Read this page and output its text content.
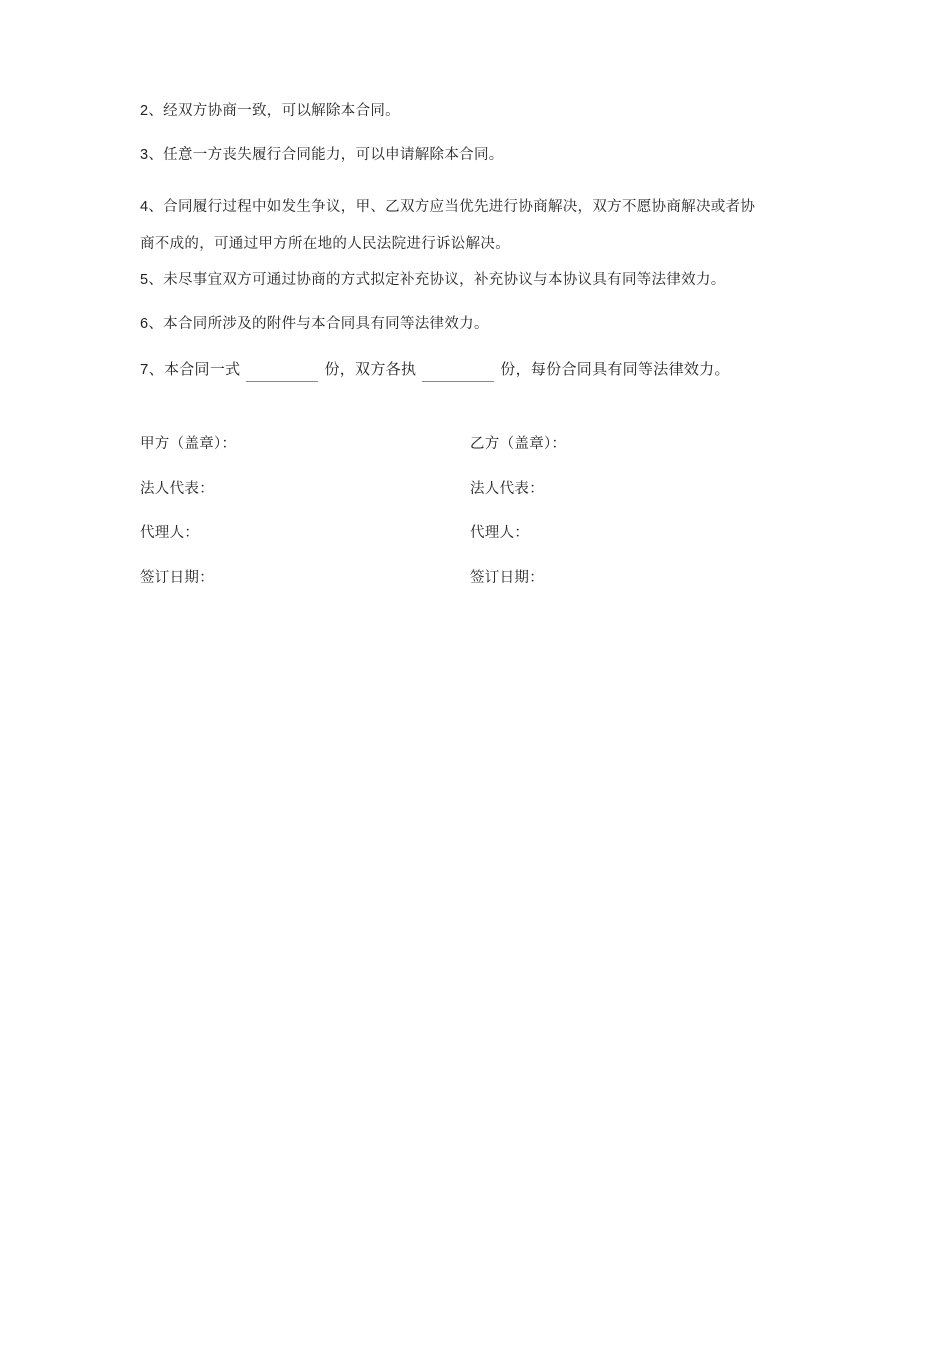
2、经双方协商一致，可以解除本合同。

3、任意一方丧失履行合同能力，可以申请解除本合同。

4、合同履行过程中如发生争议，甲、乙双方应当优先进行协商解决，双方不愿协商解决或者协
商不成的，可通过甲方所在地的人民法院进行诉讼解决。

5、未尽事宜双方可通过协商的方式拟定补充协议，补充协议与本协议具有同等法律效力。

6、本合同所涉及的附件与本合同具有同等法律效力。

7、本合同一式	份，双方各执	份，每份合同具有同等法律效力。
甲方（盖章）：	乙方（盖章）：
法人代表：	法人代表：
代理人：	代理人：
签订日期：	签订日期：
